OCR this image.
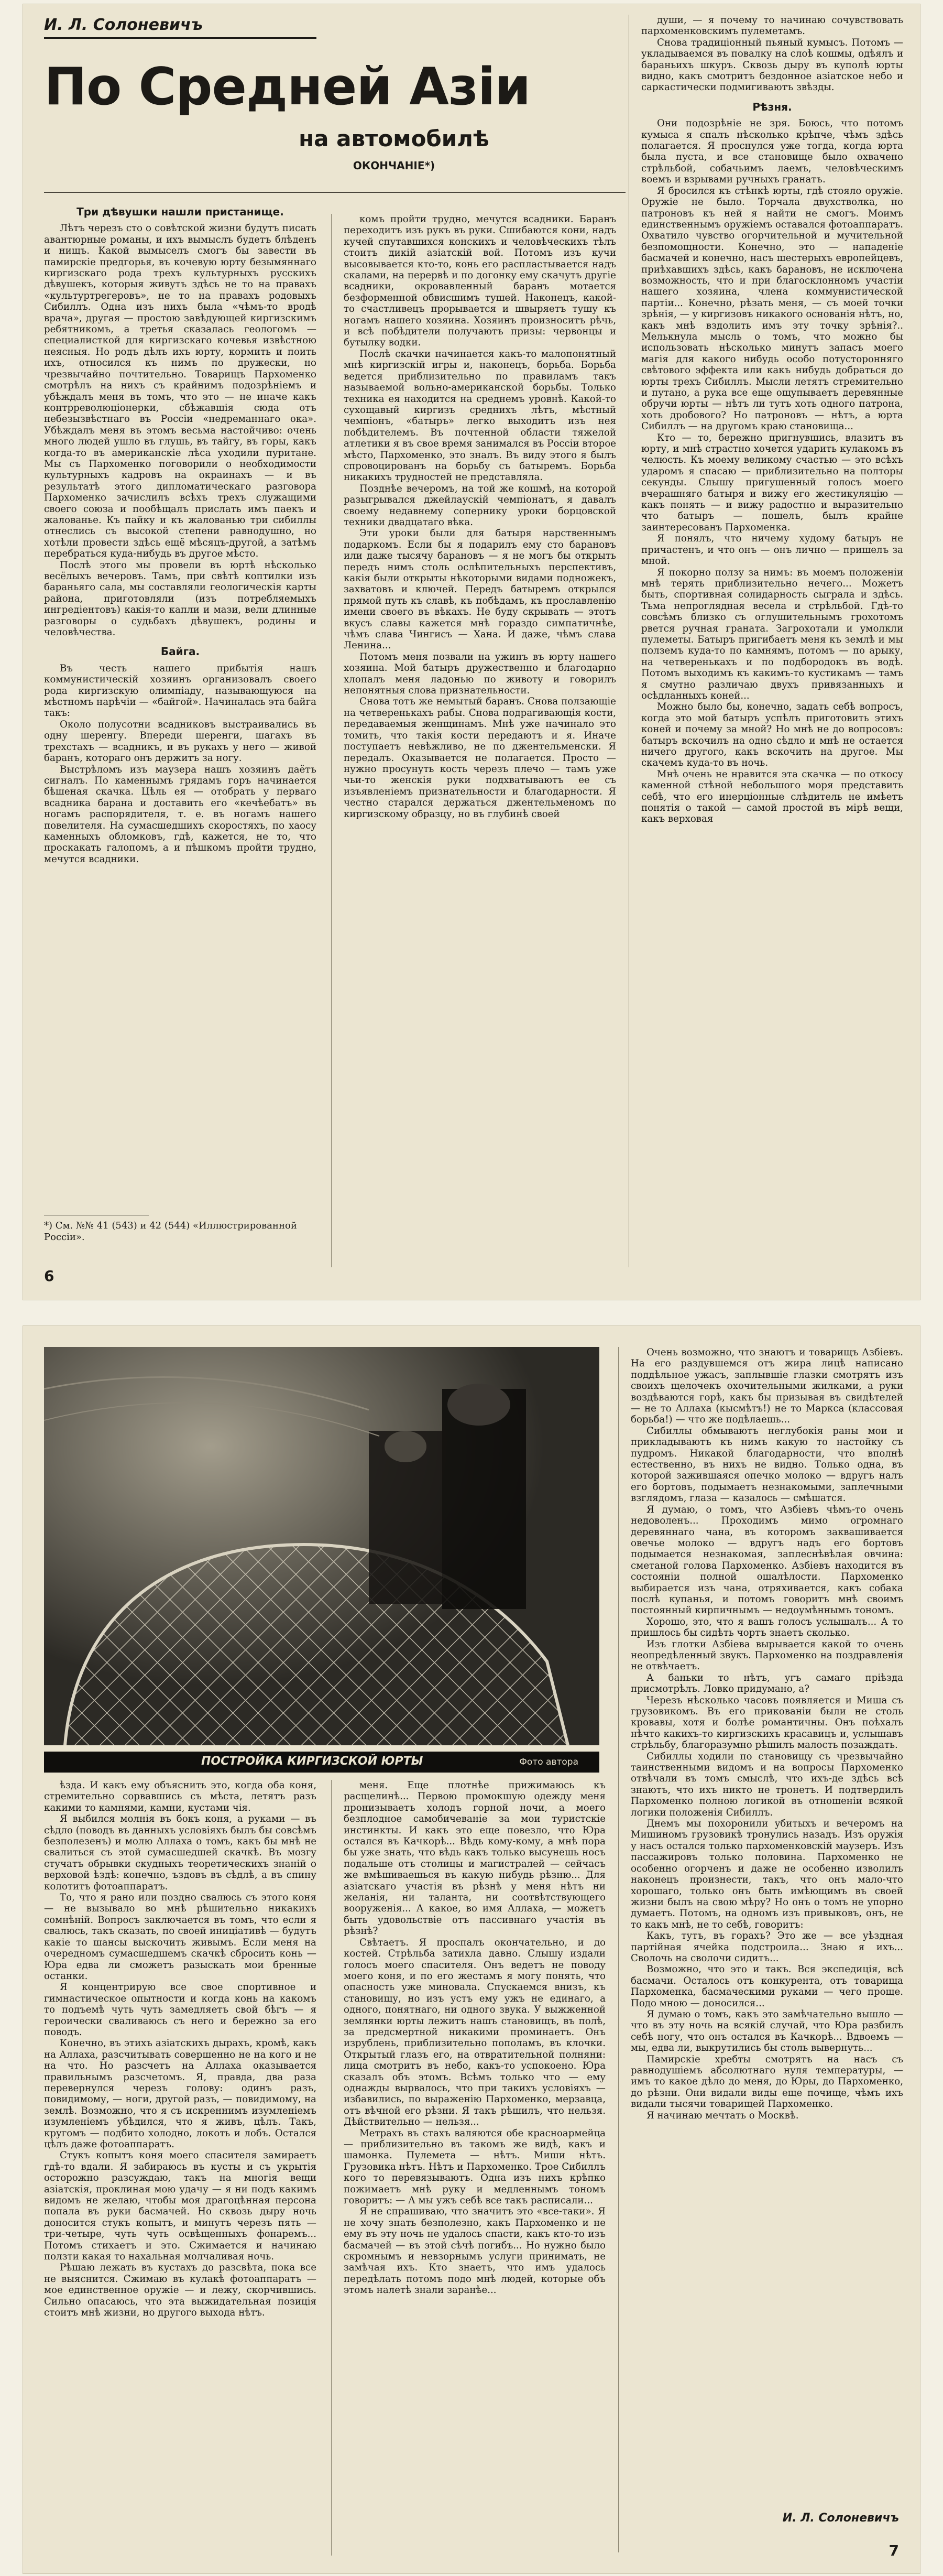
И. Л. Солоневичъ
По Средней Азіи
на автомобилѣ
ОКОНЧАНІЕ*)
Три дѣвушки нашли пристанище.

Лѣтъ черезъ сто о совѣтской жизни будутъ писать авантюрные романы, и ихъ вымыслъ будетъ блѣденъ и нищъ. Какой вымыселъ смогъ бы завести въ памирскіе предгорья, въ кочевую юрту безымяннаго киргизскаго рода трехъ культурныхъ русскихъ дѣвушекъ, которыя живутъ здѣсь не то на правахъ «культуртрегеровъ», не то на правахъ родовыхъ Сибиллъ. Одна изъ нихъ была «чѣмъ-то вродѣ врача», другая — простою завѣдующей киргизскимъ ребятникомъ, а третья сказалась геологомъ — специалисткой для киргизскаго кочевья извѣстною неясныя. Но родъ дѣлъ ихъ юрту, кормить и поить ихъ, относился къ нимъ по дружески, но чрезвычайно почтительно. Товарищъ Пархоменко смотрѣлъ на нихъ съ крайнимъ подозрѣніемъ и убѣждалъ меня въ томъ, что это — не иначе какъ контрреволюціонерки, сбѣжавшія сюда отъ небезызвѣстнаго въ Россіи «недреманнаго ока». Убѣждалъ меня въ этомъ весьма настойчиво: очень много людей ушло въ глушь, въ тайгу, въ горы, какъ когда-то въ американскіе лѣса уходили пуритане. Мы съ Пархоменко поговорили о необходимости культурныхъ кадровъ на окраинахъ — и въ результатѣ этого дипломатическаго разговора Пархоменко зачислилъ всѣхъ трехъ служащими своего союза и пообѣщалъ прислать имъ паекъ и жалованье. Къ пайку и къ жалованью три сибиллы отнеслись съ высокой степени равнодушно, но хотѣли провести здѣсь ещё мѣсяцъ-другой, а затѣмъ перебраться куда-нибудь въ другое мѣсто.

Послѣ этого мы провели въ юртѣ нѣсколько весёлыхъ вечеровъ. Тамъ, при свѣтѣ коптилки изъ бараньяго сала, мы составляли геологическія карты района, приготовляли (изъ потребляемыхъ ингредіентовъ) какія-то капли и мази, вели длинные разговоры о судьбахъ дѣвушекъ, родины и человѣчества.

Байга.

Въ честь нашего прибытія нашъ коммунистическій хозяинъ организовалъ своего рода киргизскую олимпіаду, называющуюся на мѣстномъ нарѣчіи — «байгой». Начиналась эта байга такъ:

Около полусотни всадниковъ выстраивались въ одну шеренгу. Впереди шеренги, шагахъ въ трехстахъ — всадникъ, и въ рукахъ у него — живой баранъ, котораго онъ держитъ за ногу.

Выстрѣломъ изъ маузера нашъ хозяинъ даётъ сигналъ. По каменнымъ грядамъ горъ начинается бѣшеная скачка. Цѣль ея — отобрать у перваго всадника барана и доставить его «кечѣебатъ» въ ногамъ распорядителя, т. е. въ ногамъ нашего повелителя. На сумасшедшихъ скоростяхъ, по хаосу каменныхъ обломковъ, гдѣ, кажется, не то, что проскакать галопомъ, а и пѣшкомъ пройти трудно, мечутся всадники.

*) См. №№ 41 (543) и 42 (544) «Иллюстрированной Россіи».
6

комъ пройти трудно, мечутся всадники. Баранъ переходитъ изъ рукъ въ руки. Сшибаются кони, надъ кучей спутавшихся конскихъ и человѣческихъ тѣлъ стоитъ дикій азіатскій вой. Потомъ изъ кучи высовывается кто-то, конь его распластывается надъ скалами, на перервѣ и по догонку ему скачутъ другіе всадники, окровавленный баранъ мотается безформенной обвисшимъ тушей. Наконецъ, какой-то счастливецъ прорывается и швыряетъ тушу къ ногамъ нашего хозяина. Хозяинъ произноситъ рѣчь, и всѣ побѣдители получаютъ призы: червонцы и бутылку водки.

Послѣ скачки начинается какъ-то малопонятный мнѣ киргизскій игры и, наконецъ, борьба. Борьба ведется приблизительно по правиламъ такъ называемой вольно-американской борьбы. Только техника ея находится на среднемъ уровнѣ. Какой-то сухощавый киргизъ среднихъ лѣтъ, мѣстный чемпіонъ, «батыръ» легко выходитъ изъ нея побѣдителемъ. Въ почтенной области тяжелой атлетики я въ свое время занимался въ Россіи второе мѣсто, Пархоменко, это зналъ. Въ виду этого я былъ спровоцированъ на борьбу съ батыремъ. Борьба никакихъ трудностей не представляла.

Позднѣе вечеромъ, на той же кошмѣ, на которой разыгрывался джейлаускій чемпіонатъ, я давалъ своему недавнему сопернику уроки борцовской техники двадцатаго вѣка.

Эти уроки были для батыря нарственнымъ подаркомъ. Если бы я подарилъ ему сто барановъ или даже тысячу барановъ — я не могъ бы открыть передъ нимъ столь ослѣпительныхъ перспективъ, какія были открыты нѣкоторыми видами подножекъ, захватовъ и ключей. Передъ батыремъ открылся прямой путь къ славѣ, къ побѣдамъ, къ прославленію имени своего въ вѣкахъ. Не буду скрывать — этотъ вкусъ славы кажется мнѣ гораздо симпатичнѣе, чѣмъ слава Чингисъ — Хана. И даже, чѣмъ слава Ленина...

Потомъ меня позвали на ужинъ въ юрту нашего хозяина. Мой батыръ дружественно и благодарно хлопалъ меня ладонью по животу и говорилъ непонятныя слова признательности.

Снова тотъ же немытый баранъ. Снова ползающіе на четверенькахъ рабы. Снова подрагивающія кости, передаваемыя женщинамъ. Мнѣ уже начинало это томить, что такія кости передаютъ и я. Иначе поступаетъ невѣжливо, не по джентельменски. Я передалъ. Оказывается не полагается. Просто — нужно просунуть кость черезъ плечо — тамъ уже чьи-то женскія руки подхватываютъ ее съ изъявленіемъ признательности и благодарности. Я честно старался держаться джентельменомъ по киргизскому образцу, но въ глубинѣ своей

души, — я почему то начинаю сочувствовать пархоменковскимъ пулеметамъ.

Снова традиціонный пьяный кумысъ. Потомъ — укладываемся въ повалку на слоѣ кошмы, одѣялъ и бараньихъ шкуръ. Сквозь дыру въ куполѣ юрты видно, какъ смотритъ бездонное азіатское небо и саркастически подмигиваютъ звѣзды.

Рѣзня.

Они подозрѣніе не зря. Боюсь, что потомъ кумыса я спалъ нѣсколько крѣпче, чѣмъ здѣсь полагается. Я проснулся уже тогда, когда юрта была пуста, и все становище было охвачено стрѣльбой, собачьимъ лаемъ, человѣческимъ воемъ и взрывами ручныхъ гранатъ.

Я бросился къ стѣнкѣ юрты, гдѣ стояло оружіе. Оружіе не было. Торчала двухстволка, но патроновъ къ ней я найти не смогъ. Моимъ единственнымъ оружіемъ оставался фотоаппаратъ. Охватило чувство огорчительной и мучительной безпомощности. Конечно, это — нападеніе басмачей и конечно, насъ шестерыхъ европейцевъ, приѣхавшихъ здѣсь, какъ барановъ, не исключена возможность, что и при благосклонномъ участіи нашего хозяина, члена коммунистической партіи... Конечно, рѣзать меня, — съ моей точки зрѣнія, — у киргизовъ никакого основанія нѣтъ, но, какъ мнѣ вздолить имъ эту точку зрѣнія?.. Мелькнула мысль о томъ, что можно бы использовать нѣсколько минутъ запасъ моего магія для какого нибудь особо потусторонняго свѣтового эффекта или какъ нибудь добраться до юрты трехъ Сибиллъ. Мысли летятъ стремительно и путано, а рука все еще ощупываетъ деревянные обручи юрты — нѣтъ ли тутъ хоть одного патрона, хоть дробового? Но патроновъ — нѣтъ, а юрта Сибиллъ — на другомъ краю становища...

Кто — то, бережно пригнувшись, влазитъ въ юрту, и мнѣ страстно хочется ударить кулакомъ въ челюсть. Къ моему великому счастью — это всѣхъ ударомъ я спасаю — приблизительно на полторы секунды. Слышу пригушенный голосъ моего вчерашняго батыря и вижу его жестикуляцію — какъ понять — и вижу радостно и выразительно что батыръ — пошелъ, былъ крайне заинтересованъ Пархоменка.

Я понялъ, что ничему худому батыръ не причастенъ, и что онъ — онъ лично — пришелъ за мной.

Я покорно ползу за нимъ: въ моемъ положеніи мнѣ терять приблизительно нечего... Можетъ быть, спортивная солидарность сыграла и здѣсь. Тьма непроглядная весела и стрѣльбой. Гдѣ-то совсѣмъ близко съ оглушительнымъ грохотомъ рвется ручная граната. Загрохотали и умолкли пулеметы. Батыръ пригибаетъ меня къ землѣ и мы полземъ куда-то по камнямъ, потомъ — по арыку, на четверенькахъ и по подбородокъ въ водѣ. Потомъ выходимъ къ какимъ-то кустикамъ — тамъ я смутно различаю двухъ привязанныхъ и осѣдланныхъ коней...

Можно было бы, конечно, задать себѣ вопросъ, когда это мой батыръ успѣлъ приготовить этихъ коней и почему за мной? Но мнѣ не до вопросовъ: батыръ вскочилъ на одно сѣдло и мнѣ не остается ничего другого, какъ вскочить на другое. Мы скачемъ куда-то въ ночь.

Мнѣ очень не нравится эта скачка — по откосу каменной стѣной небольшого моря представить себѣ, что его инерціонные слѣдитель не имѣетъ понятія о такой — самой простой въ мірѣ вещи, какъ верховая

ПОСТРОЙКА КИРГИЗСКОЙ ЮРТЫ	Фото автора

ѣзда. И какъ ему объяснить это, когда оба коня, стремительно сорвавшись съ мѣста, летятъ разъ какими то камнями, камни, кустами чія.

Я выбился молнія въ бокъ коня, а руками — въ сѣдло (поводъ въ данныхъ условіяхъ былъ бы совсѣмъ безполезенъ) и молю Аллаха о томъ, какъ бы мнѣ не свалиться съ этой сумасшедшей скачкѣ. Въ мозгу стучатъ обрывки скудныхъ теоретическихъ знаній о верховой ѣздѣ: конечно, ъздовъ въ сѣдлѣ, а въ спину колотитъ фотоаппаратъ.

То, что я рано или поздно свалюсь съ этого коня — не вызывало во мнѣ рѣшительно никакихъ сомнѣній. Вопросъ заключается въ томъ, что если я свалюсь, такъ сказать, по своей иниціативѣ — будутъ какіе то шансы выскочить живымъ. Если меня на очередномъ сумасшедшемъ скачкѣ сбросить конь — Юра едва ли сможетъ разыскать мои бренные останки.

Я концентрирую все свое спортивное и гимнастическое опытности и когда конь на какомъ то подъемѣ чуть чуть замедляетъ свой бѣгъ — я героически сваливаюсь съ него и бережно за его поводъ.

Конечно, въ этихъ азіатскихъ дырахъ, кромѣ, какъ на Аллаха, разсчитывать совершенно не на кого и не на что. Но разсчетъ на Аллаха оказывается правильнымъ разсчетомъ. Я, правда, два раза перевернулся черезъ голову: одинъ разъ, повидимому, — ноги, другой разъ, — повидимому, на землѣ. Возможно, что я съ искреннимъ изумленіемъ изумленіемъ убѣдился, что я живъ, цѣлъ. Такъ, кругомъ — подбито холодно, локоть и лобъ. Остался цѣлъ даже фотоаппаратъ.

Стукъ копытъ коня моего спасителя замираетъ гдѣ-то вдали. Я забираюсь въ кусты и съ укрытія осторожно разсуждаю, такъ на многія вещи азіатскія, проклиная мою удачу — я ни подъ какимъ видомъ не желаю, чтобы моя драгоцѣнная персона попала въ руки басмачей. Но сквозь дыру ночь доносится стукъ копытъ, и минутъ черезъ пять — три-четыре, чуть чуть освѣщенныхъ фонаремъ... Потомъ стихаетъ и это. Сжимается и начинаю ползти какая то нахальная молчаливая ночь.

Рѣшаю лежать въ кустахъ до разсвѣта, пока все не выяснится. Сжимаю въ кулакѣ фотоаппаратъ — мое единственное оружіе — и лежу, скорчившись. Сильно опасаюсь, что эта выжидательная позиція стоитъ мнѣ жизни, но другого выхода нѣтъ.

меня. Еще плотнѣе прижимаюсь къ расщелинѣ... Первою промокшую одежду меня пронизываетъ холодъ горной ночи, а моего безплодное самобичеваніе за мои туристскіе инстинкты. И какъ это еще повезло, что Юра остался въ Качкорѣ... Вѣдь кому-кому, а мнѣ пора бы уже знать, что вѣдь какъ только высунешь носъ подальше отъ столицы и магистралей — сейчасъ же вмѣшиваешься въ какую нибудь рѣзню... Для азіатскаго участія въ рѣзнѣ у меня нѣтъ ни желанія, ни таланта, ни соотвѣтствующего вооруженія... А какое, во имя Аллаха, — можетъ быть удовольствіе отъ пассивнаго участія въ рѣзнѣ?

Свѣтаетъ. Я проспалъ окончательно, и до костей. Стрѣльба затихла давно. Слышу издали голосъ моего спасителя. Онъ ведетъ не поводу моего коня, и по его жестамъ я могу понять, что опасность уже миновала. Спускаемся внизъ, къ становищу, но изъ устъ ему ужъ не единаго, а одного, понятнаго, ни одного звука. У выжженной землянки юрты лежитъ нашъ становищъ, въ полѣ, за предсмертной никакими проминаетъ. Онъ изрублень, приблизительно пополамъ, въ клочки. Открытый глазъ его, на отвратительной полняни: лица смотритъ въ небо, какъ-то успокоено. Юра сказалъ объ этомъ. Всѣмъ только что — ему однажды вырвалось, что при такихъ условіяхъ — избавились, по выраженію Пархоменко, мерзавца, отъ вѣчной его рѣзни. Я такъ рѣшилъ, что нельзя. Дѣйствительно — нельзя...

Метрахъ въ стахъ валяются обе красноармейца — приблизительно въ такомъ же видѣ, какъ и шамонка. Пулемета — нѣтъ. Миши нѣтъ. Грузовика нѣтъ. Нѣтъ и Пархоменко. Трое Сибиллъ кого то перевязываютъ. Одна изъ нихъ крѣпко пожимаетъ мнѣ руку и медленнымъ тономъ говоритъ: — А мы ужъ себѣ все такъ расписали...

Я не спрашиваю, что значитъ это «все-таки». Я не хочу знать безполезно, какъ Пархоменко и не ему въ эту ночь не удалось спасти, какъ кто-то изъ басмачей — въ этой сѣчѣ погибъ... Но нужно было скромнымъ и невзорнымъ услуги принимать, не замѣчая ихъ. Кто знаетъ, что имъ удалось передѣлать потомъ подо мнѣ людей, которые объ этомъ налетѣ знали заранѣе...

Очень возможно, что знаютъ и товарищъ Азбіевъ. На его раздувшемся отъ жира лицѣ написано поддѣльное ужасъ, заплывшіе глазки смотрятъ изъ своихъ щелочекъ охочительными жилками, а руки воздѣваются горѣ, какъ бы призывая въ свидѣтелей — не то Аллаха (кысмѣтъ!) не то Маркса (классовая борьба!) — что же подѣлаешь...

Сибиллы обмываютъ неглубокія раны мои и прикладываютъ къ нимъ какую то настойку съ пудромъ. Никакой благодарности, что вполнѣ естественно, въ нихъ не видно. Только одна, въ которой зажившаяся опечко молоко — вдругъ налъ его бортовъ, подымаетъ незнакомыми, заплечными взглядомъ, глаза — казалось — смѣшатся.

Я думаю, о томъ, что Азбіевъ чѣмъ-то очень недоволенъ... Проходимъ мимо огромнаго деревяннаго чана, въ которомъ заквашивается овечье молоко — вдругъ надъ его бортовъ подымается незнакомая, заплеснѣвѣлая овчина: сметаной голова Пархоменко. Азбіевъ находится въ состояніи полной ошалѣлости. Пархоменко выбирается изъ чана, отряхивается, какъ собака послѣ купанья, и потомъ говоритъ мнѣ своимъ постоянный кирпичнымъ — недоумѣннымъ тономъ.

Хорошо, это, что я вашъ голосъ услышалъ... А то пришлось бы сидѣть чортъ знаетъ сколько.

Изъ глотки Азбіева вырывается какой то очень неопредѣленный звукъ. Пархоменко на поздравленія не отвѣчаетъ.

А баньки то нѣтъ, угъ самаго пріѣзда присмотрѣлъ. Ловко придумано, а?

Черезъ нѣсколько часовъ появляется и Миша съ грузовикомъ. Въ его прикованіи были не столь кровавы, хотя и болѣе романтичны. Онъ поѣхалъ нѣчто какихъ-то киргизскихъ красавицъ и, услышавъ стрѣльбу, благоразумно рѣшилъ малость позаждать.

Сибиллы ходили по становищу съ чрезвычайно таинственными видомъ и на вопросы Пархоменко отвѣчали въ томъ смыслѣ, что ихъ-де здѣсь всѣ знаютъ, что ихъ никто не тронетъ. И подтвердилъ Пархоменко полною логикой въ отношеніи всякой логики положенія Сибиллъ.

Днемъ мы похоронили убитыхъ и вечеромъ на Мишиномъ грузовикѣ тронулись назадъ. Изъ оружія у насъ остался только пархоменковскій маузеръ. Изъ пассажировъ только половина. Пархоменко не особенно огорченъ и даже не особенно изволилъ наконецъ произнести, такъ, что онъ мало-что хорошаго, только онъ быть имѣющимъ въ своей жизни былъ на свою мѣру? Но онъ о томъ не упорно думаетъ. Потомъ, на одномъ изъ привыковъ, онъ, не то какъ мнѣ, не то себѣ, говоритъ:

Какъ, тутъ, въ горахъ? Это же — все уѣздная партійная ячейка подстроила... Знаю я ихъ... Сволочь на сволочи сидитъ...

Возможно, что это и такъ. Вся экспедиція, всѣ басмачи. Осталось отъ конкурента, отъ товарища Пархоменка, басмаческими руками — чего проще. Подо мною — доносился...

Я думаю о томъ, какъ это замѣчательно вышло — что въ эту ночь на всякій случай, что Юра разбилъ себѣ ногу, что онъ остался въ Качкорѣ... Вдвоемъ — мы, едва ли, выкрутились бы столь вывернуть...

Памирскіе хребты смотрятъ на насъ съ равнодушіемъ абсолютнаго нуля температуры, — имъ то какое дѣло до меня, до Юры, до Пархоменко, до рѣзни. Они видали виды еще почище, чѣмъ ихъ видали тысячи товарищей Пархоменко.

Я начинаю мечтать о Москвѣ.

И. Л. Солоневичъ
7
